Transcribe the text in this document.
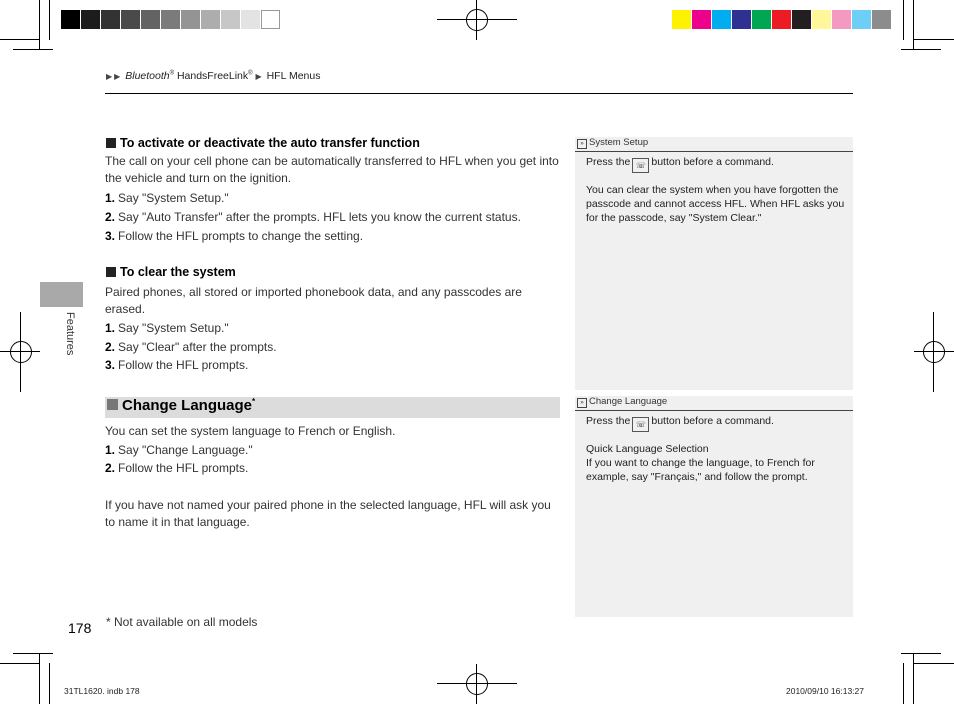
▶ ▶ Bluetooth® HandsFreeLink® ▶ HFL Menus
Features
To activate or deactivate the auto transfer function
The call on your cell phone can be automatically transferred to HFL when you get into the vehicle and turn on the ignition.
1. Say "System Setup."
2. Say "Auto Transfer" after the prompts. HFL lets you know the current status.
3. Follow the HFL prompts to change the setting.
To clear the system
Paired phones, all stored or imported phonebook data, and any passcodes are erased.
1. Say "System Setup."
2. Say "Clear" after the prompts.
3. Follow the HFL prompts.
Change Language*
You can set the system language to French or English.
1. Say "Change Language."
2. Follow the HFL prompts.
If you have not named your paired phone in the selected language, HFL will ask you to name it in that language.
178 * Not available on all models
» System Setup
Press the ☏ button before a command.
You can clear the system when you have forgotten the passcode and cannot access HFL. When HFL asks you for the passcode, say "System Clear."
» Change Language
Press the ☏ button before a command.
Quick Language Selection
If you want to change the language, to French for example, say "Français," and follow the prompt.
31TL1620. indb 178	2010/09/10 16:13:27
